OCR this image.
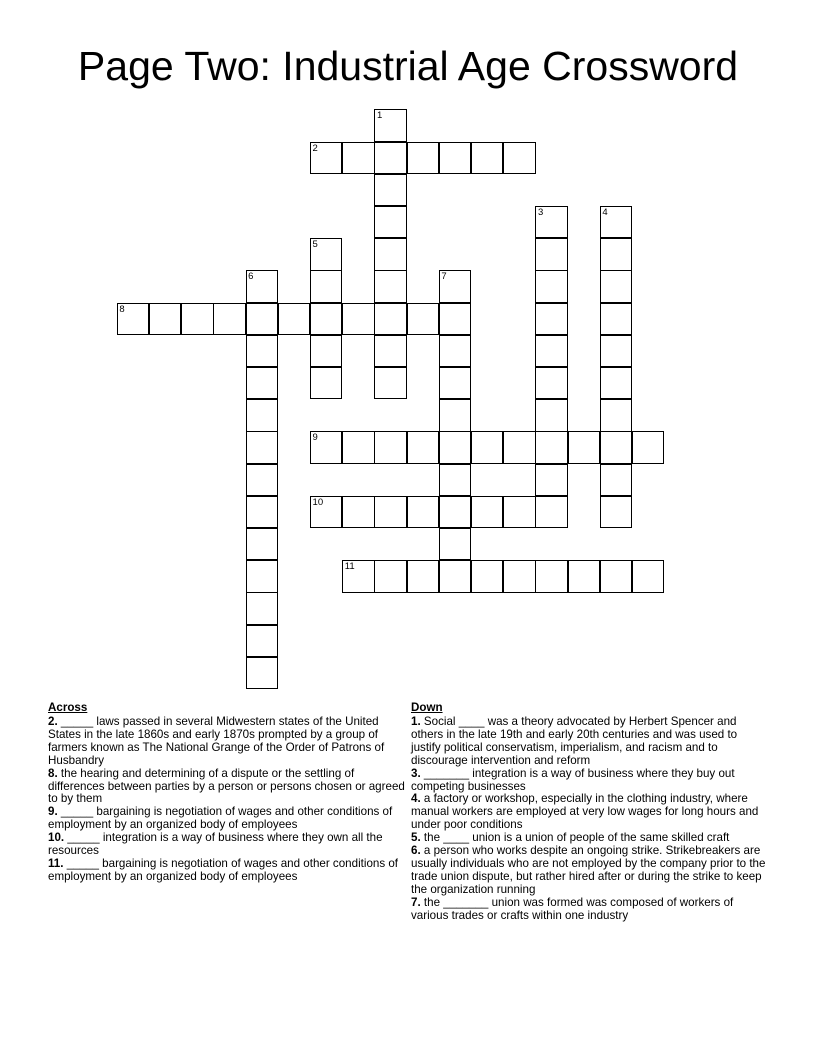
Page Two: Industrial Age Crossword
1
2
3	4
5
6	7
8
9
10
11
Across

2. _____ laws passed in several Midwestern states of the United States in the late 1860s and early 1870s prompted by a group of farmers known as The National Grange of the Order of Patrons of Husbandry

8. the hearing and determining of a dispute or the settling of differences between parties by a person or persons chosen or agreed to by them

9. _____ bargaining is negotiation of wages and other conditions of employment by an organized body of employees

10. _____ integration is a way of business where they own all the resources

11. _____ bargaining is negotiation of wages and other conditions of employment by an organized body of employees

Down

1. Social ____ was a theory advocated by Herbert Spencer and others in the late 19th and early 20th centuries and was used to justify political conservatism, imperialism, and racism and to discourage intervention and reform

3. _______ integration is a way of business where they buy out competing businesses

4. a factory or workshop, especially in the clothing industry, where manual workers are employed at very low wages for long hours and under poor conditions

5. the ____ union is a union of people of the same skilled craft

6. a person who works despite an ongoing strike. Strikebreakers are usually individuals who are not employed by the company prior to the trade union dispute, but rather hired after or during the strike to keep the organization running

7. the _______ union was formed was composed of workers of various trades or crafts within one industry
